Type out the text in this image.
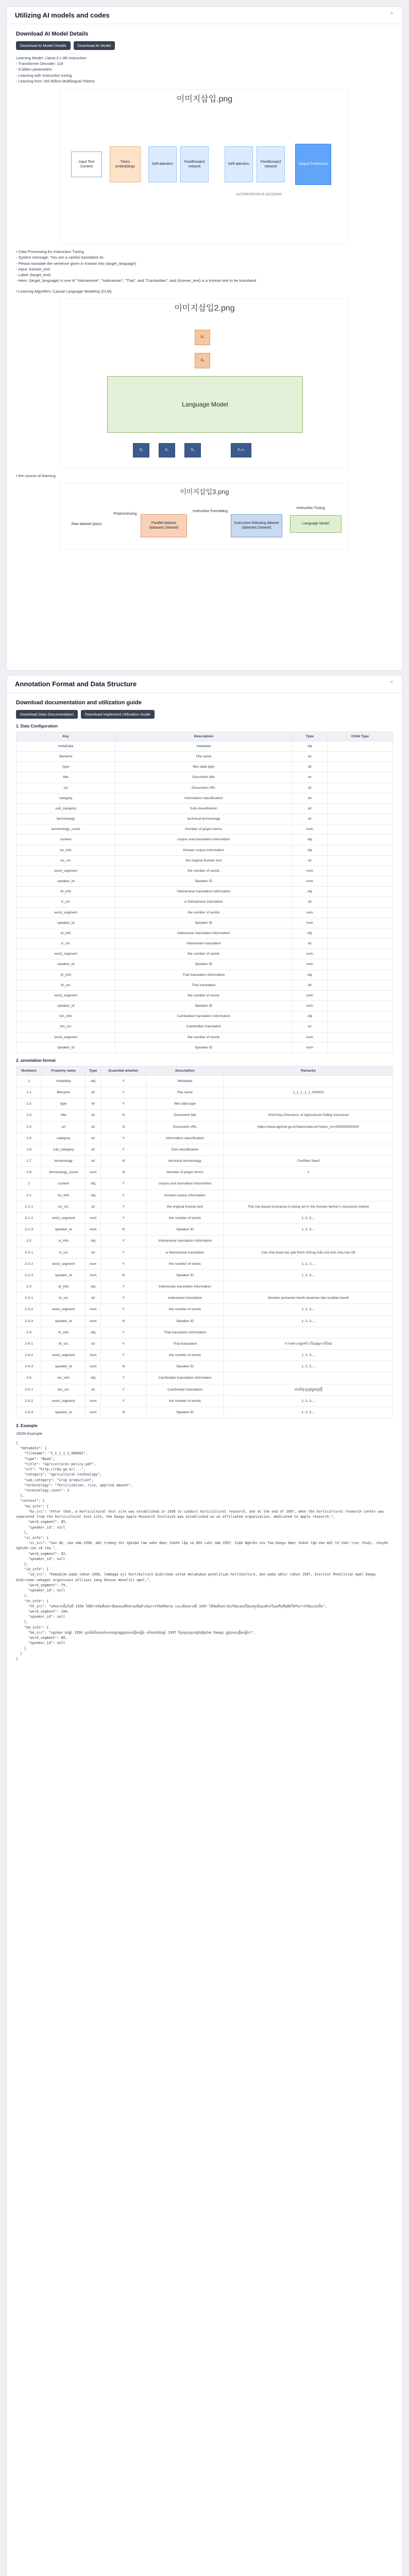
Utilizing AI models and codes	⌃
Download AI Model Details
Download AI Model Details	Download AI Model
Learning Model: Llama 3.1 8B Instruction
- Transformer Decoder: 118
- 8 billion parameters
- Learning with Instruction tuning
- Learning from 150 Billion Multilingual Tokens
이미지삽입.png
Input Text Context
Token embeddings
Self-attention
Feedforward network
Self-attention
Feedforward network
Output Predictions
AUTOREGRESSIVE DECODING
• Data Processing for Instruction Tuning
- System message: 'You are a careful translation AI.
- Please translate the sentence given in Korean into (target_language)
- Input: Korean_text
- Label: (target_text)
- Here, (target_language) is one of "Vietnamese", "Indonesian", "Thai", and "Cambodian", and (Korean_text) is a Korean text to be translated
• Learning Algorithm: Causal Language Modeling (CLM)
이미지삽입2.png
X₄
X₃
Language Model
X₁	X₂	X₃	X₄+₁
• the course of learning
이미지삽입3.png
Raw dataset (json)
Preprocessing
Parallel dataset (datasets.Dataset)
Instruction Formatting
Instruction-following dataset (datasets.Dataset)
Instruction Tuning
Language Model
Annotation Format and Data Structure	⌃
Download documentation and utilization guide
Download Data Documentation	Download Implement Utilization Guide
1. Data Configuration
Key	Description	Type	Child Type
metaData	metadata	obj	
filename	File name	str	
type	files data type	str	
title	Document title	str	
url	Document URL	str	
category	Information classification	str	
sub_category	Sub-classification	str	
terminology	technical terminology	str	
terminology_count	Number of jargon terms	num	
context	corpus and translation information	obj	
ko_info	Korean corpus information	obj	
ko_src	the original Korean text	str	
word_segment	the number of words	num	
speaker_id	Speaker ID	num	
th_info	Vietnamese translation information	obj	
tr_src	a Vietnamese translation	str	
word_segment	the number of words	num	
speaker_id	Speaker ID	num	
id_info	Indonesian translation information	obj	
tr_src	Indonesian translation	str	
word_segment	the number of words	num	
speaker_id	Speaker ID	num	
th_info	Thai translation information	obj	
th_src	Thai translation	str	
word_segment	the number of words	num	
speaker_id	Speaker ID	num	
km_info	Cambodian translation information	obj	
km_src	Cambodian translation	str	
word_segment	the number of words	num	
speaker_id	Speaker ID	num	
2. annotation format
Numbers	Property name	Type	Essential whether	Description	Remarks
1	metadata	obj	Y	Metadata	
1-1	filename	str	Y	File name	1_1_1_1_1_000001
1-2	type	str	Y	files data type	
1-3	title	str	N	Document title	2024 Key Directions of Agricultural Safety Insurance
1-4	url	str	N	Document URL	https://www.agrinet.go.kr/news/view.do?news_no=000000000000
1-5	category	str	Y	Information classification	
1-6	sub_category	str	Y	Sub-classification	
1-7	terminology	str	N	technical terminology	Certified Seed
1-8	terminology_count	num	N	Number of jargon terms	1
2	context	obj	Y	corpus and translation information	
2-1	ko_info	obj	Y	Korean corpus information	
2-1-1	ko_src	str	Y	the original Korean text	The risk-based insurance is being set in the Korean farmer's insurance market
2-1-2	word_segment	num	Y	the number of words	1, 2, 3,...
2-1-3	speaker_id	num	N	Speaker ID	1, 2, 3,...
2-2	vi_info	obj	Y	Vietnamese translation information	
2-2-1	vi_src	str	Y	a Vietnamese translation	Các nhà khoa học giải thích những mẫu lúa mới chịu hạn tốt
2-2-2	word_segment	num	Y	the number of words	1, 2, 3,...
2-2-3	speaker_id	num	N	Speaker ID	1, 2, 3,...
2-3	id_info	obj	Y	Indonesian translation information	
2-3-1	id_src	str	Y	Indonesian translation	Struktur pertanian benih tanaman dan kualitas benih
2-3-2	word_segment	num	Y	the number of words	1, 2, 3,...
2-3-3	speaker_id	num	N	Speaker ID	1, 2, 3,...
2-4	th_info	obj	Y	Thai translation information	
2-4-1	th_src	str	Y	Thai translation	การเพาะปลูกข้าวในฤดูกาลใหม่
2-4-2	word_segment	num	Y	the number of words	1, 2, 3,...
2-4-3	speaker_id	num	N	Speaker ID	1, 2, 3,...
2-5	km_info	obj	Y	Cambodian translation information	
2-5-1	km_src	str	Y	Cambodian translation	ការដាំដុះស្រូវក្នុងរដូវថ្មី
2-5-2	word_segment	num	Y	the number of words	1, 2, 3,...
2-5-3	speaker_id	num	N	Speaker ID	1, 2, 3,...
3. Example
JSON Example
{
"metadata": {
"filename": "1_1_1_1_1_000001",
"type": "Book",
"title": "Agricultural-policy.pdf",
"url": "http://rda.go.kr/...",
"category": "agricultural-technology",
"sub_category": "Crop production",
"terminology": "fertilization, rice, applied amount",
"terminology_count": 3
},
"context": {
"ko_info": {
"ko_src": "After that, a horticultural test site was established in 1958 to conduct horticultural research, and at the end of 1997, when the horticultural research center was separated from the horticultural test site, the Daegu Apple Research Institute was established as an affiliated organization, dedicated to apple research.",
"word_segment": 85,
"speaker_id": null
},
"vi_info": {
"vi_src": "Sau đó, vào năm 1958, một trường thí nghiệm làm vườn được thành lập và đến cuối năm 1997, Viện Nghiên cứu Táo Daegu được thành lập như một tổ chức trực thuộc, chuyên nghiên cứu về táo.",
"word_segment": 92,
"speaker_id": null
},
"id_info": {
"id_src": "Kemudian pada tahun 1958, lembaga uji hortikultura didirikan untuk melakukan penelitian hortikultura, dan pada akhir tahun 1997, Institut Penelitian Apel Daegu didirikan sebagai organisasi afiliasi yang khusus meneliti apel.",
"word_segment": 79,
"speaker_id": null
},
"th_info": {
"th_src": "หลังจากนั้นในปี 1958 ได้มีการจัดตั้งสถานีทดลองพืชสวนเพื่อดำเนินการวิจัยพืชสวน และเมื่อปลายปี 1997 ได้จัดตั้งสถาบันวิจัยแอปเปิ้ลแทกูเป็นองค์กรในเครือที่อุทิศให้กับการวิจัยแอปเปิ้ล",
"word_segment": 104,
"speaker_id": null
},
"km_info": {
"km_src": "បន្ទាប់មក នៅឆ្នាំ 1958 ស្ថានីយ៍ពិសោធន៍សាកវប្បកម្មត្រូវបានបង្កើតឡើង ហើយនៅចុងឆ្នាំ 1997 វិទ្យាស្ថានស្រាវជ្រាវផ្លែប៉ោម Daegu ត្រូវបានបង្កើតឡើង។",
"word_segment": 88,
"speaker_id": null
}
}
}
